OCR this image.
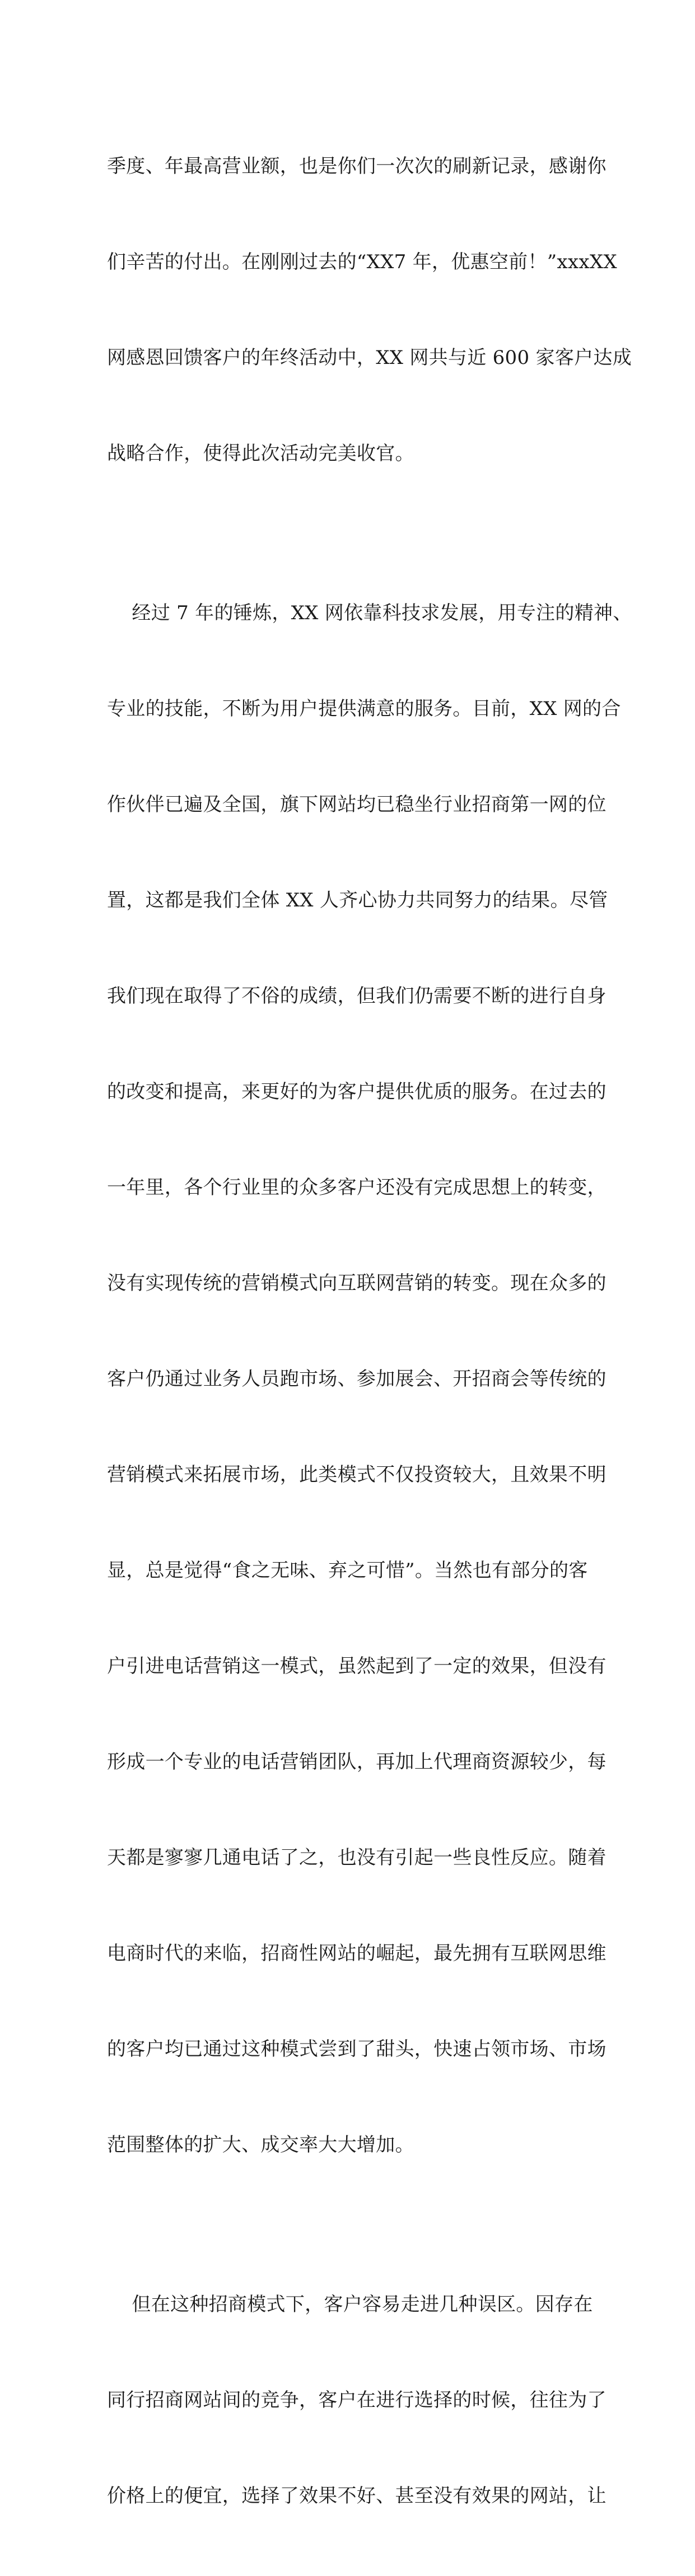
季度、年最高营业额，也是你们一次次的刷新记录，感谢你

们辛苦的付出。在刚刚过去的“XX7 年，优惠空前！”xxxXX

网感恩回馈客户的年终活动中，XX 网共与近 600 家客户达成

战略合作，使得此次活动完美收官。

经过 7 年的锤炼，XX 网依靠科技求发展，用专注的精神、

专业的技能，不断为用户提供满意的服务。目前，XX 网的合

作伙伴已遍及全国，旗下网站均已稳坐行业招商第一网的位

置，这都是我们全体 XX 人齐心协力共同努力的结果。尽管

我们现在取得了不俗的成绩，但我们仍需要不断的进行自身

的改变和提高，来更好的为客户提供优质的服务。在过去的

一年里，各个行业里的众多客户还没有完成思想上的转变，

没有实现传统的营销模式向互联网营销的转变。现在众多的

客户仍通过业务人员跑市场、参加展会、开招商会等传统的

营销模式来拓展市场，此类模式不仅投资较大，且效果不明

显，总是觉得“食之无味、弃之可惜”。当然也有部分的客

户引进电话营销这一模式，虽然起到了一定的效果，但没有

形成一个专业的电话营销团队，再加上代理商资源较少，每

天都是寥寥几通电话了之，也没有引起一些良性反应。随着

电商时代的来临，招商性网站的崛起，最先拥有互联网思维

的客户均已通过这种模式尝到了甜头，快速占领市场、市场

范围整体的扩大、成交率大大增加。

但在这种招商模式下，客户容易走进几种误区。因存在

同行招商网站间的竞争，客户在进行选择的时候，往往为了

价格上的便宜，选择了效果不好、甚至没有效果的网站，让
